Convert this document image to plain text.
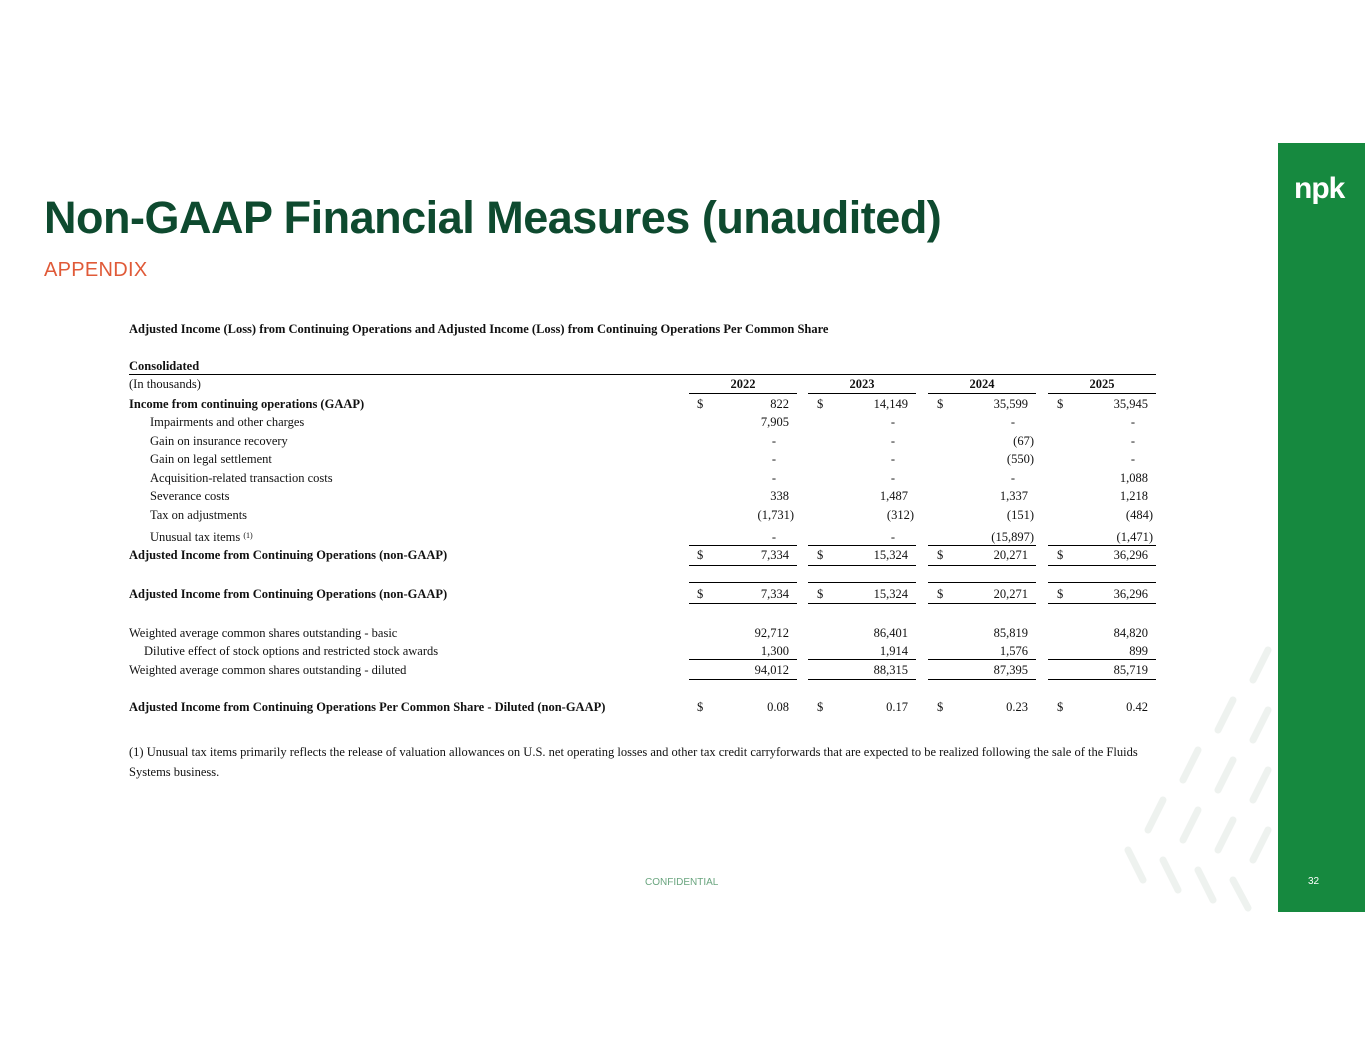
Non-GAAP Financial Measures (unaudited)
APPENDIX
npk
32
Adjusted Income (Loss) from Continuing Operations and Adjusted Income (Loss) from Continuing Operations Per Common Share
Consolidated
(In thousands)	2022	2023	2024	2025
Income from continuing operations (GAAP)	$	822 $	14,149 $	35,599 $	35,945
Impairments and other charges	7,905	-	-	-
Gain on insurance recovery	-	-	(67)	-
Gain on legal settlement	-	-	(550)	-
Acquisition-related transaction costs	-	-	-	1,088
Severance costs	338	1,487	1,337	1,218
Tax on adjustments	(1,731)	(312)	(151)	(484)
Unusual tax items $^{(1)}$	-	-	(15,897)	(1,471)
Adjusted Income from Continuing Operations (non-GAAP)	$	7,334 $	15,324 $	20,271 $	36,296
Adjusted Income from Continuing Operations (non-GAAP)	$	7,334 $	15,324 $	20,271 $	36,296
Weighted average common shares outstanding - basic	92,712	86,401	85,819	84,820
Dilutive effect of stock options and restricted stock awards	1,300	1,914	1,576	899
Weighted average common shares outstanding - diluted	94,012	88,315	87,395	85,719
Adjusted Income from Continuing Operations Per Common Share - Diluted (non-GAAP)	$	0.08 $	0.17 $	0.23 $	0.42

(1) Unusual tax items primarily reflects the release of valuation allowances on U.S. net operating losses and other tax credit carryforwards that are expected to be realized following the sale of the Fluids Systems business.

CONFIDENTIAL
